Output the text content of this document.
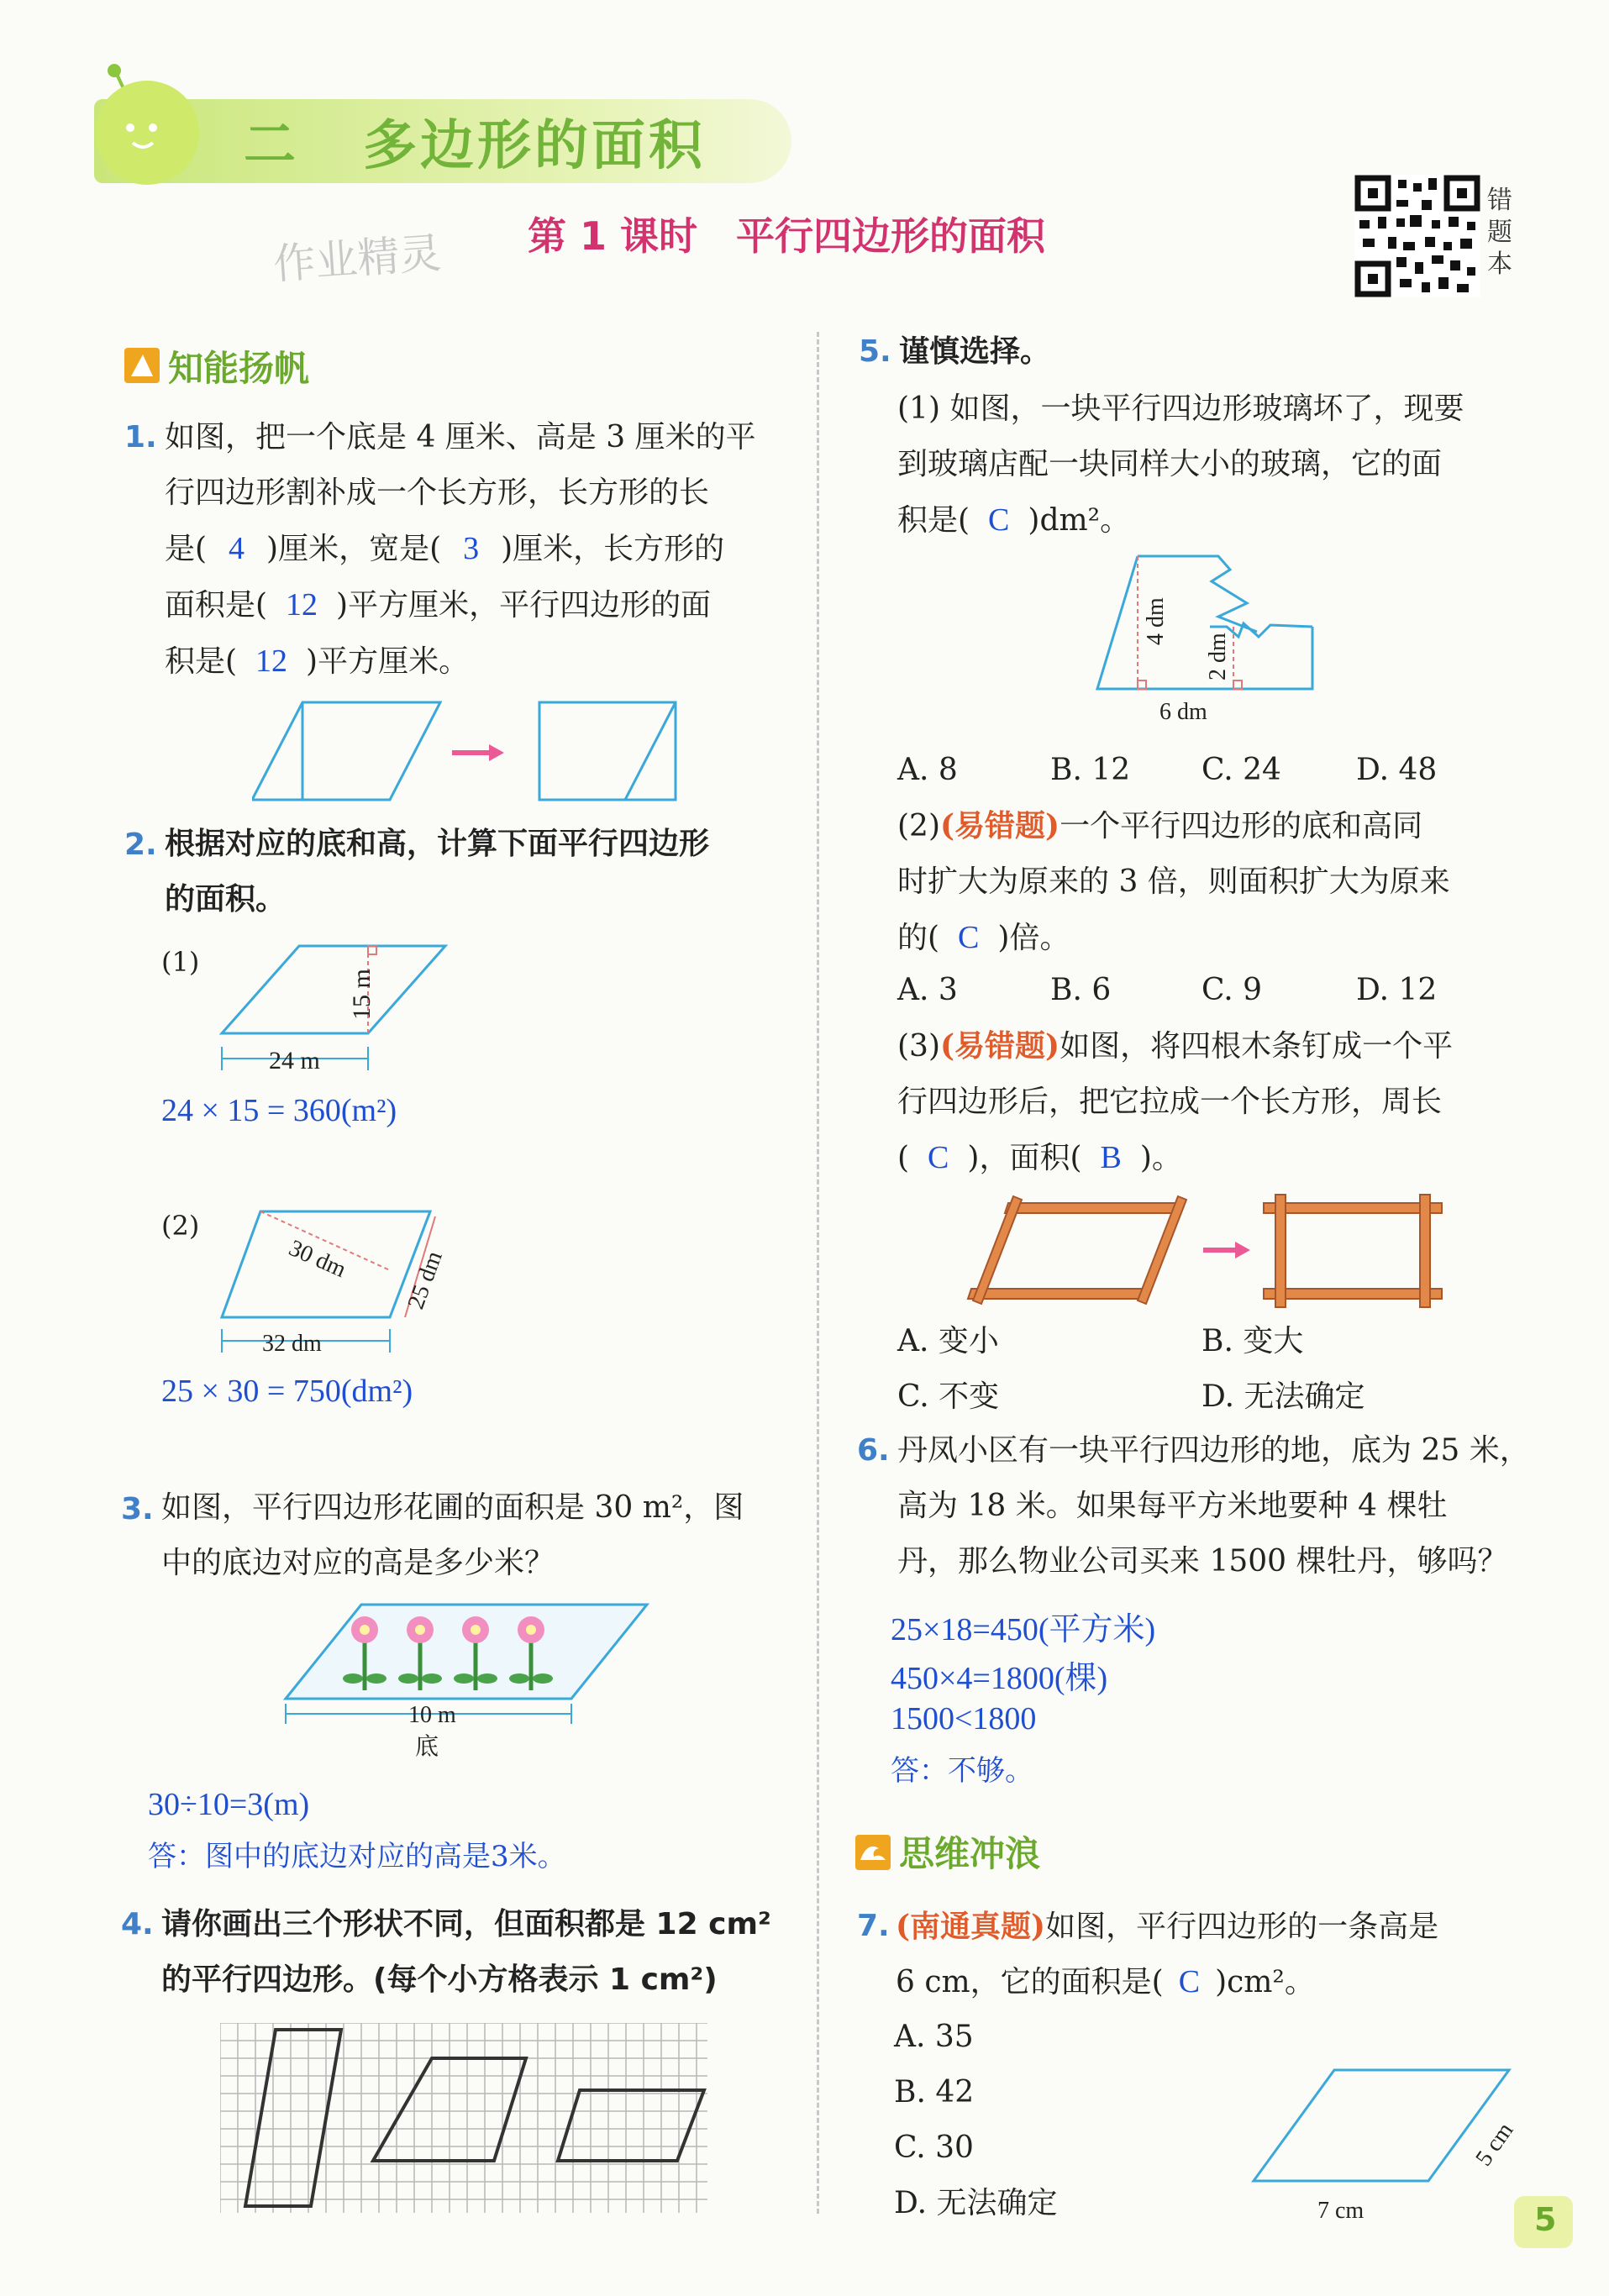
二 多边形的面积
作业精灵 第 1 课时　平行四边形的面积
错题本
知能扬帆
1. 如图，把一个底是 4 厘米、高是 3 厘米的平
行四边形割补成一个长方形，长方形的长
是( 4 )厘米，宽是( 3 )厘米，长方形的
面积是( 12 )平方厘米，平行四边形的面
积是( 12 )平方厘米。
2. 根据对应的底和高，计算下面平行四边形
的面积。
(1)
15 m
24 m
24 × 15 = 360(m²)
(2)
30 dm 25 dm
32 dm
25 × 30 = 750(dm²)
3. 如图，平行四边形花圃的面积是 30 m²，图
中的底边对应的高是多少米？
10 m
底
30÷10=3(m)
答：图中的底边对应的高是3米。
4. 请你画出三个形状不同，但面积都是 12 cm²
的平行四边形。(每个小方格表示 1 cm²)
5. 谨慎选择。
(1) 如图，一块平行四边形玻璃坏了，现要
到玻璃店配一块同样大小的玻璃，它的面
积是( C )dm²。
4 dm
2 dm
6 dm
A. 8	B. 12 C. 24 D. 48
(2)(易错题)一个平行四边形的底和高同
时扩大为原来的 3 倍，则面积扩大为原来
的( C )倍。
A. 3	B. 6	C. 9	D. 12
(3)(易错题)如图，将四根木条钉成一个平
行四边形后，把它拉成一个长方形，周长
( C )，面积( B )。
A. 变小	B. 变大
C. 不变	D. 无法确定
6. 丹凤小区有一块平行四边形的地，底为 25 米，
高为 18 米。如果每平方米地要种 4 棵牡
丹，那么物业公司买来 1500 棵牡丹，够吗？
25×18=450(平方米)
450×4=1800(棵)
1500<1800
答：不够。
思维冲浪
7. (南通真题)如图，平行四边形的一条高是
6 cm，它的面积是( C )cm²。
A. 35
B. 42
C. 30
D. 无法确定
5 cm
7 cm	5
